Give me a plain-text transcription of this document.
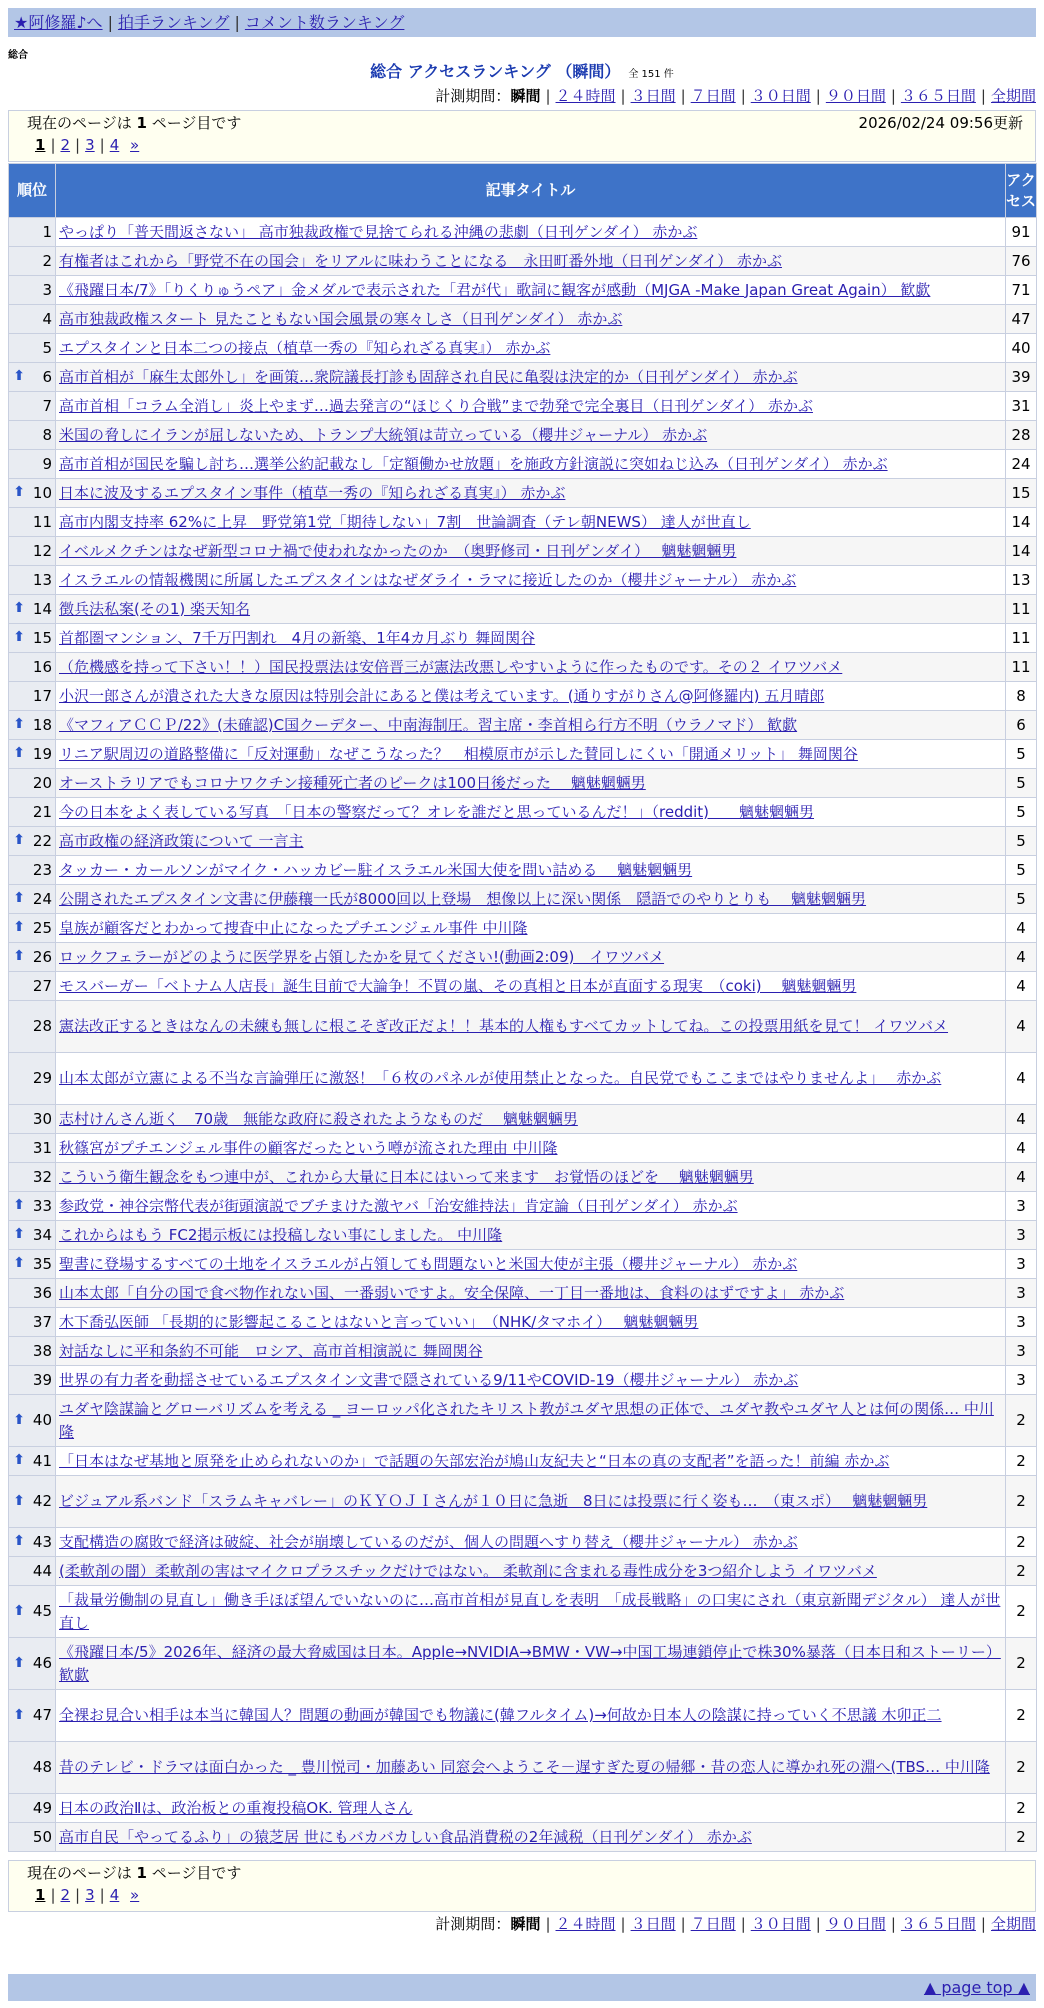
★阿修羅♪へ | 拍手ランキング | コメント数ランキング
総合
総合 アクセスランキング （瞬間） 全 151 件
計測期間：瞬間 | ２４時間 | ３日間 | ７日間 | ３０日間 | ９０日間 | ３６５日間 | 全期間
現在のページは 1 ページ目です	2026/02/24 09:56更新
1 | 2 | 3 | 4 »
順位	記事タイトル	アクセス
1	やっぱり「普天間返さない」 高市独裁政権で見捨てられる沖縄の悲劇（日刊ゲンダイ） 赤かぶ	91
2	有権者はこれから「野党不在の国会」をリアルに味わうことになる　永田町番外地（日刊ゲンダイ） 赤かぶ	76
3	《飛躍日本/7》「りくりゅうペア」金メダルで表示された「君が代」歌詞に観客が感動（MJGA -Make Japan Great Again） 歓歔	71
4	高市独裁政権スタート 見たこともない国会風景の寒々しさ（日刊ゲンダイ） 赤かぶ	47
5	エプスタインと日本二つの接点（植草一秀の『知られざる真実』） 赤かぶ	40

⬆ 6	高市首相が「麻生太郎外し」を画策…衆院議長打診も固辞され自民に亀裂は決定的か（日刊ゲンダイ） 赤かぶ	39
7	高市首相「コラム全消し」炎上やまず…過去発言の“ほじくり合戦”まで勃発で完全裏目（日刊ゲンダイ） 赤かぶ	31
8	米国の脅しにイランが屈しないため、トランプ大統領は苛立っている（櫻井ジャーナル） 赤かぶ	28
9	高市首相が国民を騙し討ち…選挙公約記載なし「定額働かせ放題」を施政方針演説に突如ねじ込み（日刊ゲンダイ） 赤かぶ	24

⬆ 10	日本に波及するエプスタイン事件（植草一秀の『知られざる真実』） 赤かぶ	15
11	高市内閣支持率 62%に上昇　野党第1党「期待しない」7割　世論調査（テレ朝NEWS） 達人が世直し	14
12	イベルメクチンはなぜ新型コロナ禍で使われなかったのか　（奥野修司・日刊ゲンダイ）　 魑魅魍魎男	14
13	イスラエルの情報機関に所属したエプスタインはなぜダライ・ラマに接近したのか（櫻井ジャーナル） 赤かぶ	13

⬆ 14	徴兵法私案(その1) 楽天知名	11

⬆ 15	首都圏マンション、7千万円割れ　4月の新築、1年4カ月ぶり 舞岡関谷	11
16	（危機感を持って下さい！！）国民投票法は安倍晋三が憲法改悪しやすいように作ったものです。その２ イワツバメ	11
17	小沢一郎さんが潰された大きな原因は特別会計にあると僕は考えています。(通りすがりさん@阿修羅内) 五月晴郎	8

⬆ 18	《マフィアＣＣＰ/22》(未確認)C国クーデター、中南海制圧。習主席・李首相ら行方不明（ウラノマド） 歓歔	6

⬆ 19	リニア駅周辺の道路整備に「反対運動」なぜこうなった？　相模原市が示した賛同しにくい「開通メリット」 舞岡関谷	5
20	オーストラリアでもコロナワクチン接種死亡者のピークは100日後だった　 魑魅魍魎男	5
21	今の日本をよく表している写真　「日本の警察だって？オレを誰だと思っているんだ！」（reddit)　　魑魅魍魎男	5

⬆ 22	高市政権の経済政策について 一言主	5
23	タッカー・カールソンがマイク・ハッカビー駐イスラエル米国大使を問い詰める　 魑魅魍魎男	5

⬆ 24	公開されたエプスタイン文書に伊藤穰一氏が8000回以上登場　想像以上に深い関係　隠語でのやりとりも　 魑魅魍魎男	5

⬆ 25	皇族が顧客だとわかって捜査中止になったプチエンジェル事件 中川隆	4

⬆ 26	ロックフェラーがどのように医学界を占領したかを見てください!(動画2:09)　イワツバメ	4
27	モスバーガー「ベトナム人店長」誕生目前で大論争！不買の嵐、その真相と日本が直面する現実　（coki)　 魑魅魍魎男	4
28	憲法改正するときはなんの未練も無しに根こそぎ改正だよ！！基本的人権もすべてカットしてね。この投票用紙を見て！ イワツバメ	4
29	山本太郎が立憲による不当な言論弾圧に激怒！「６枚のパネルが使用禁止となった。自民党でもここまではやりませんよ」　 赤かぶ	4
30	志村けんさん逝く　70歳　無能な政府に殺されたようなものだ　 魑魅魍魎男	4
31	秋篠宮がプチエンジェル事件の顧客だったという噂が流された理由 中川隆	4
32	こういう衛生観念をもつ連中が、これから大量に日本にはいって来ます　お覚悟のほどを　 魑魅魍魎男	4

⬆ 33	参政党・神谷宗幣代表が街頭演説でブチまけた激ヤバ「治安維持法」肯定論（日刊ゲンダイ） 赤かぶ	3

⬆ 34	これからはもう FC2掲示板には投稿しない事にしました。 中川隆	3

⬆ 35	聖書に登場するすべての土地をイスラエルが占領しても問題ないと米国大使が主張（櫻井ジャーナル） 赤かぶ	3
36	山本太郎「自分の国で食べ物作れない国、一番弱いですよ。安全保障、一丁目一番地は、食料のはずですよ」 赤かぶ	3
37	木下喬弘医師 「長期的に影響起こることはないと言っていい」　（NHK/タマホイ）　 魑魅魍魎男	3
38	対話なしに平和条約不可能　ロシア、高市首相演説に 舞岡関谷	3
39	世界の有力者を動揺させているエプスタイン文書で隠されている9/11やCOVID-19（櫻井ジャーナル） 赤かぶ	3

⬆ 40	ユダヤ陰謀論とグローバリズムを考える _ ヨーロッパ化されたキリスト教がユダヤ思想の正体で、ユダヤ教やユダヤ人とは何の関係… 中川隆	2

⬆ 41	「日本はなぜ基地と原発を止められないのか」で話題の矢部宏治が鳩山友紀夫と“日本の真の支配者”を語った！前編 赤かぶ	2

⬆ 42	ビジュアル系バンド「スラムキャバレー」のＫＹＯＪＩさんが１０日に急逝　8日には投票に行く姿も…　（東スポ）　 魑魅魍魎男	2

⬆ 43	支配構造の腐敗で経済は破綻、社会が崩壊しているのだが、個人の問題へすり替え（櫻井ジャーナル） 赤かぶ	2
44	(柔軟剤の闇）柔軟剤の害はマイクロプラスチックだけではない。 柔軟剤に含まれる毒性成分を3つ紹介しよう イワツバメ	2

⬆ 45	「裁量労働制の見直し」働き手ほぼ望んでいないのに…高市首相が見直しを表明　「成長戦略」の口実にされ（東京新聞デジタル） 達人が世直し	2

⬆ 46	《飛躍日本/5》2026年、経済の最大脅威国は日本。Apple→NVIDIA→BMW・VW→中国工場連鎖停止で株30%暴落（日本日和ストーリー） 歓歔	2

⬆ 47	全裸お見合い相手は本当に韓国人？問題の動画が韓国でも物議に(韓フルタイム)→何故か日本人の陰謀に持っていく不思議 木卯正二	2
48	昔のテレビ・ドラマは面白かった _ 豊川悦司・加藤あい 同窓会へようこそ－遅すぎた夏の帰郷・昔の恋人に導かれ死の淵へ(TBS… 中川隆	2
49	日本の政治Ⅱは、政治板との重複投稿OK. 管理人さん	2
50	高市自民「やってるふり」の猿芝居 世にもバカバカしい食品消費税の2年減税（日刊ゲンダイ） 赤かぶ	2
現在のページは 1 ページ目です
1 | 2 | 3 | 4 »
計測期間：瞬間 | ２４時間 | ３日間 | ７日間 | ３０日間 | ９０日間 | ３６５日間 | 全期間
▲ page top ▲
